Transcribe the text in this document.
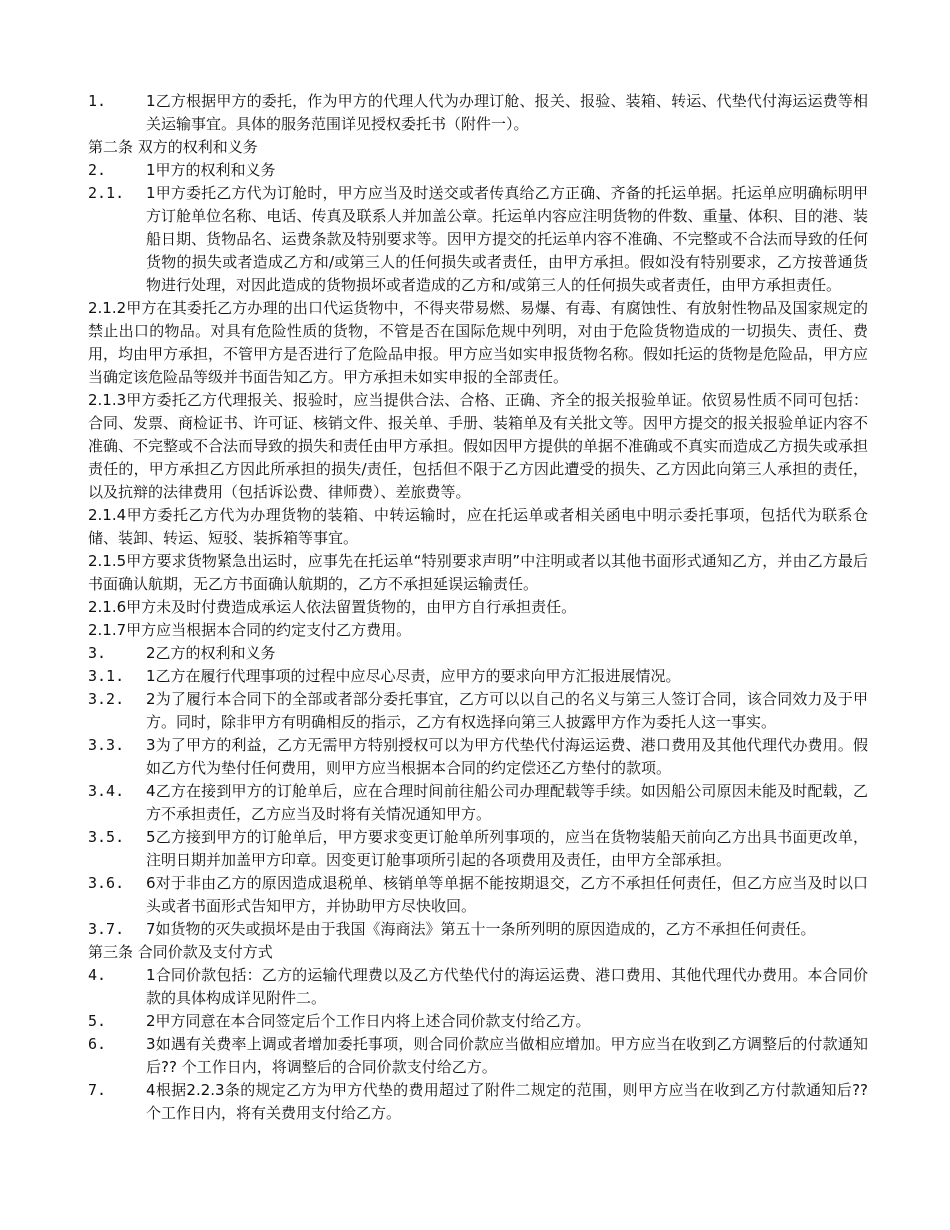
1.	1乙方根据甲方的委托，作为甲方的代理人代为办理订舱、报关、报验、装箱、转运、代垫代付海运运费等相关运输事宜。具体的服务范围详见授权委托书（附件一）。
第二条 双方的权利和义务
2.	1甲方的权利和义务
2.1.	1甲方委托乙方代为订舱时，甲方应当及时送交或者传真给乙方正确、齐备的托运单据。托运单应明确标明甲方订舱单位名称、电话、传真及联系人并加盖公章。托运单内容应注明货物的件数、重量、体积、目的港、装船日期、货物品名、运费条款及特别要求等。因甲方提交的托运单内容不准确、不完整或不合法而导致的任何货物的损失或者造成乙方和/或第三人的任何损失或者责任，由甲方承担。假如没有特别要求，乙方按普通货物进行处理，对因此造成的货物损坏或者造成的乙方和/或第三人的任何损失或者责任，由甲方承担责任。
2.1.2甲方在其委托乙方办理的出口代运货物中，不得夹带易燃、易爆、有毒、有腐蚀性、有放射性物品及国家规定的禁止出口的物品。对具有危险性质的货物，不管是否在国际危规中列明，对由于危险货物造成的一切损失、责任、费用，均由甲方承担，不管甲方是否进行了危险品申报。甲方应当如实申报货物名称。假如托运的货物是危险品，甲方应当确定该危险品等级并书面告知乙方。甲方承担未如实申报的全部责任。
2.1.3甲方委托乙方代理报关、报验时，应当提供合法、合格、正确、齐全的报关报验单证。依贸易性质不同可包括：合同、发票、商检证书、许可证、核销文件、报关单、手册、装箱单及有关批文等。因甲方提交的报关报验单证内容不准确、不完整或不合法而导致的损失和责任由甲方承担。假如因甲方提供的单据不准确或不真实而造成乙方损失或承担责任的，甲方承担乙方因此所承担的损失/责任，包括但不限于乙方因此遭受的损失、乙方因此向第三人承担的责任，以及抗辩的法律费用（包括诉讼费、律师费）、差旅费等。
2.1.4甲方委托乙方代为办理货物的装箱、中转运输时，应在托运单或者相关函电中明示委托事项，包括代为联系仓储、装卸、转运、短驳、装拆箱等事宜。
2.1.5甲方要求货物紧急出运时，应事先在托运单“特别要求声明”中注明或者以其他书面形式通知乙方，并由乙方最后书面确认航期，无乙方书面确认航期的，乙方不承担延误运输责任。
2.1.6甲方未及时付费造成承运人依法留置货物的，由甲方自行承担责任。
2.1.7甲方应当根据本合同的约定支付乙方费用。
3.	2乙方的权利和义务
3.1.	1乙方在履行代理事项的过程中应尽心尽责，应甲方的要求向甲方汇报进展情况。
3.2.	2为了履行本合同下的全部或者部分委托事宜，乙方可以以自己的名义与第三人签订合同，该合同效力及于甲方。同时，除非甲方有明确相反的指示，乙方有权选择向第三人披露甲方作为委托人这一事实。
3.3.	3为了甲方的利益，乙方无需甲方特别授权可以为甲方代垫代付海运运费、港口费用及其他代理代办费用。假如乙方代为垫付任何费用，则甲方应当根据本合同的约定偿还乙方垫付的款项。
3.4.	4乙方在接到甲方的订舱单后，应在合理时间前往船公司办理配载等手续。如因船公司原因未能及时配载，乙方不承担责任，乙方应当及时将有关情况通知甲方。
3.5.	5乙方接到甲方的订舱单后，甲方要求变更订舱单所列事项的，应当在货物装船天前向乙方出具书面更改单，注明日期并加盖甲方印章。因变更订舱事项所引起的各项费用及责任，由甲方全部承担。
3.6.	6对于非由乙方的原因造成退税单、核销单等单据不能按期退交，乙方不承担任何责任，但乙方应当及时以口头或者书面形式告知甲方，并协助甲方尽快收回。
3.7.	7如货物的灭失或损坏是由于我国《海商法》第五十一条所列明的原因造成的，乙方不承担任何责任。
第三条 合同价款及支付方式
4.	1合同价款包括：乙方的运输代理费以及乙方代垫代付的海运运费、港口费用、其他代理代办费用。本合同价款的具体构成详见附件二。
5.	2甲方同意在本合同签定后个工作日内将上述合同价款支付给乙方。
6.	3如遇有关费率上调或者增加委托事项，则合同价款应当做相应增加。甲方应当在收到乙方调整后的付款通知后?? 个工作日内，将调整后的合同价款支付给乙方。
7.	4根据2.2.3条的规定乙方为甲方代垫的费用超过了附件二规定的范围，则甲方应当在收到乙方付款通知后?? 个工作日内，将有关费用支付给乙方。
